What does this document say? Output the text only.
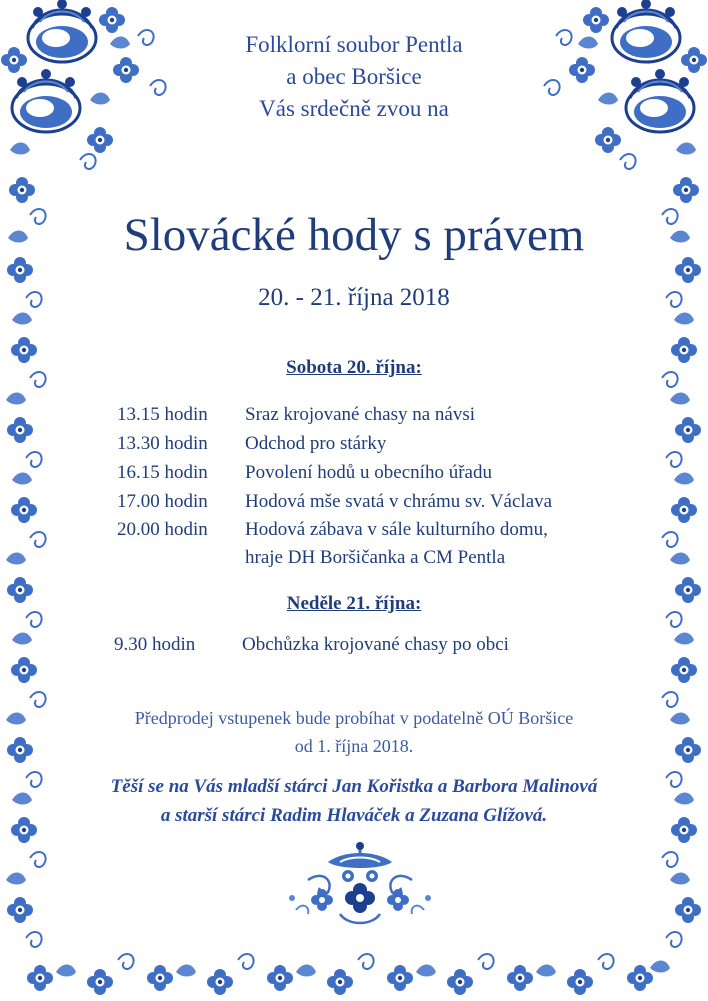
Folklorní soubor Pentla
a obec Boršice
Vás srdečně zvou na
Slovácké hody s právem
20. - 21. října 2018
Sobota 20. října:
13.15 hodin Sraz krojované chasy na návsi
13.30 hodin Odchod pro stárky
16.15 hodin Povolení hodů u obecního úřadu
17.00 hodin Hodová mše svatá v chrámu sv. Václava
20.00 hodin Hodová zábava v sále kulturního domu,
hraje DH Boršičanka a CM Pentla
Neděle 21. října:
9.30 hodin Obchůzka krojované chasy po obci
Předprodej vstupenek bude probíhat v podatelně OÚ Boršice
od 1. října 2018.
Těší se na Vás mladší stárci Jan Kořistka a Barbora Malinová
a starší stárci Radim Hlaváček a Zuzana Glížová.
